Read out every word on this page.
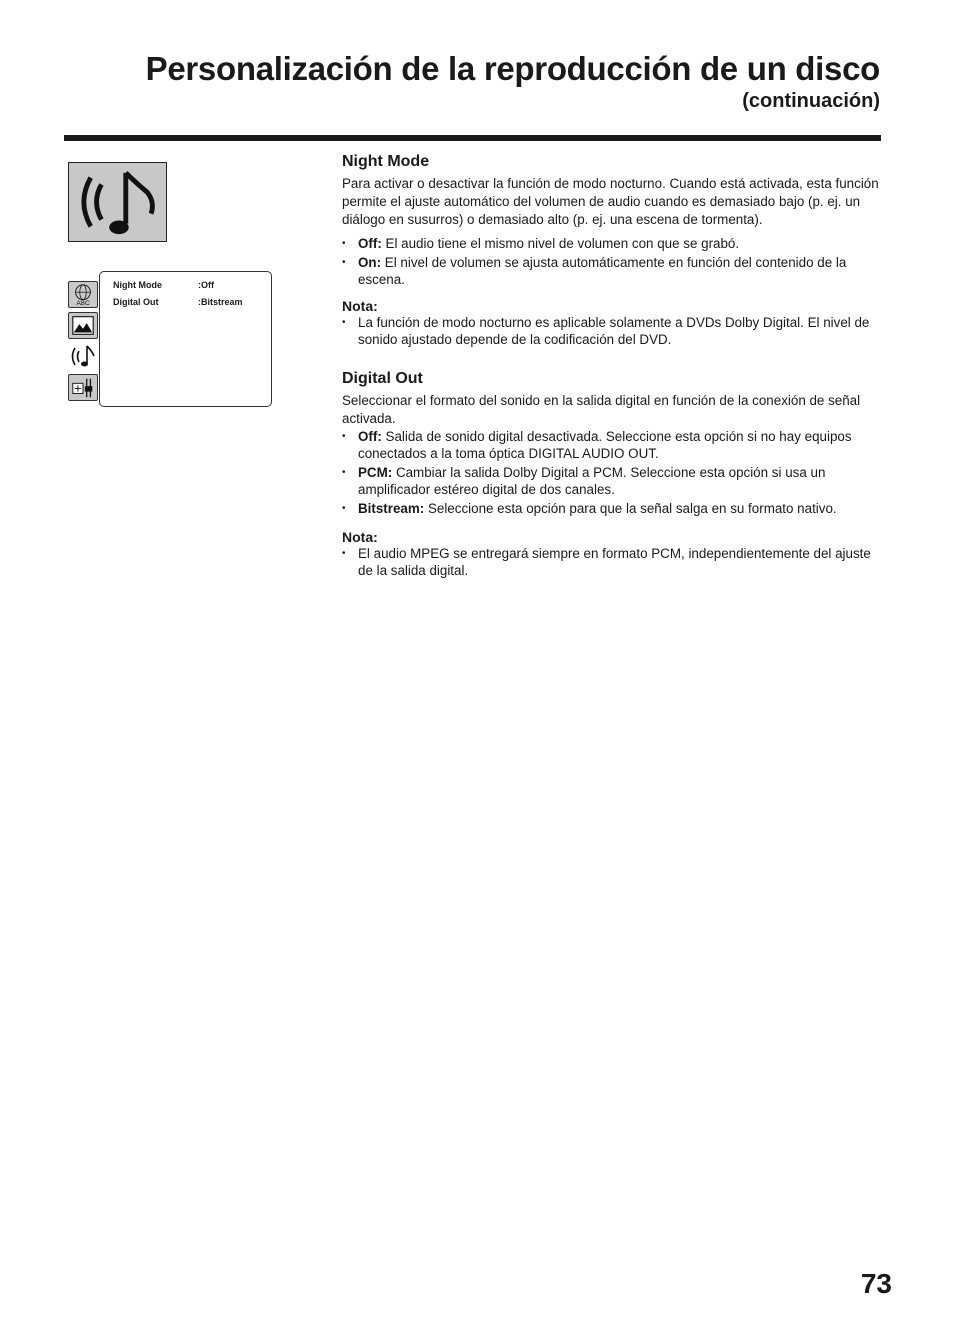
Personalización de la reproducción de un disco
(continuación)
ABC
Night Mode	:Off
Digital Out	:Bitstream
Night Mode

Para activar o desactivar la función de modo nocturno. Cuando está activada, esta función permite el ajuste automático del volumen de audio cuando es demasiado bajo (p. ej. un diálogo en susurros) o demasiado alto (p. ej. una escena de tormenta).

• Off: El audio tiene el mismo nivel de volumen con que se grabó.
• On: El nivel de volumen se ajusta automáticamente en función del contenido de la escena.
Nota:
• La función de modo nocturno es aplicable solamente a DVDs Dolby Digital. El nivel de sonido ajustado depende de la codificación del DVD.
Digital Out

Seleccionar el formato del sonido en la salida digital en función de la conexión de señal activada.

• Off: Salida de sonido digital desactivada. Seleccione esta opción si no hay equipos conectados a la toma óptica DIGITAL AUDIO OUT.
• PCM: Cambiar la salida Dolby Digital a PCM. Seleccione esta opción si usa un amplificador estéreo digital de dos canales.
• Bitstream: Seleccione esta opción para que la señal salga en su formato nativo.
Nota:
• El audio MPEG se entregará siempre en formato PCM, independientemente del ajuste de la salida digital.
73
